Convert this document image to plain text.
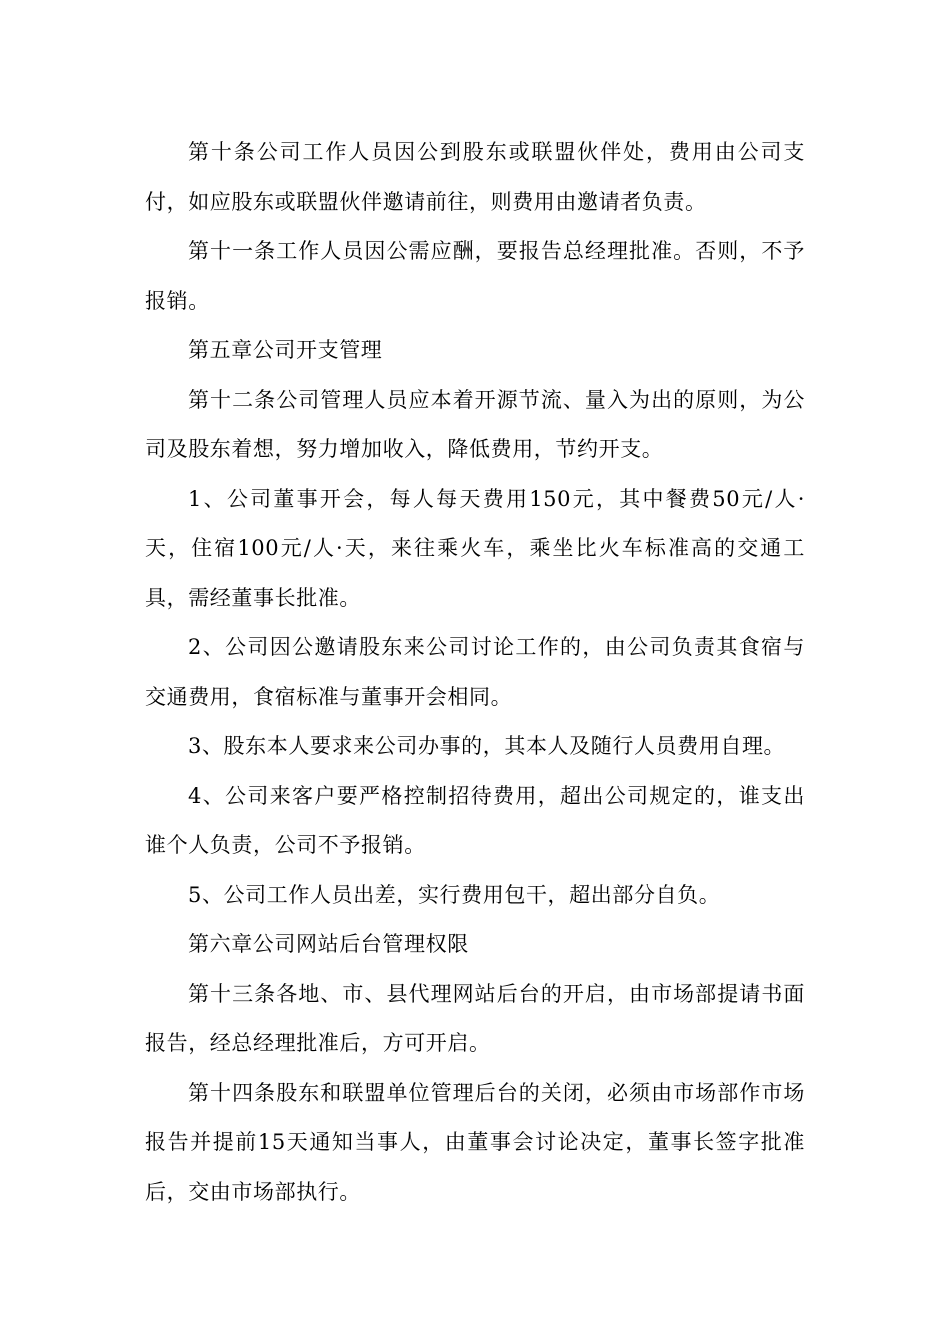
第十条公司工作人员因公到股东或联盟伙伴处，费用由公司支付，如应股东或联盟伙伴邀请前往，则费用由邀请者负责。

第十一条工作人员因公需应酬，要报告总经理批准。否则，不予报销。

第五章公司开支管理

第十二条公司管理人员应本着开源节流、量入为出的原则，为公司及股东着想，努力增加收入，降低费用，节约开支。

1、公司董事开会，每人每天费用150元，其中餐费50元/人·天，住宿100元/人·天，来往乘火车，乘坐比火车标准高的交通工具，需经董事长批准。

2、公司因公邀请股东来公司讨论工作的，由公司负责其食宿与交通费用，食宿标准与董事开会相同。

3、股东本人要求来公司办事的，其本人及随行人员费用自理。

4、公司来客户要严格控制招待费用，超出公司规定的，谁支出谁个人负责，公司不予报销。

5、公司工作人员出差，实行费用包干，超出部分自负。

第六章公司网站后台管理权限

第十三条各地、市、县代理网站后台的开启，由市场部提请书面报告，经总经理批准后，方可开启。

第十四条股东和联盟单位管理后台的关闭，必须由市场部作市场报告并提前15天通知当事人，由董事会讨论决定，董事长签字批准后，交由市场部执行。
